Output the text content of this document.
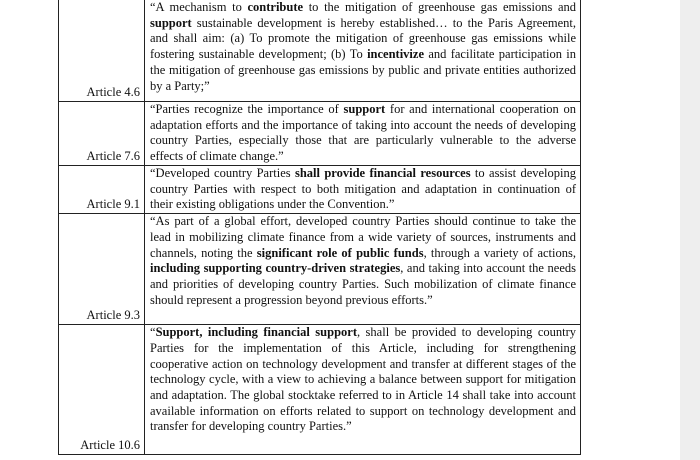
Article 4.6	“A mechanism to contribute to the mitigation of greenhouse gas emissions and support sustainable development is hereby established… to the Paris Agreement, and shall aim: (a) To promote the mitigation of greenhouse gas emissions while fostering sustainable development; (b) To incentivize and facilitate participation in the mitigation of greenhouse gas emissions by public and private entities authorized by a Party;”
Article 7.6	“Parties recognize the importance of support for and international cooperation on adaptation efforts and the importance of taking into account the needs of developing country Parties, especially those that are particularly vulnerable to the adverse effects of climate change.”
Article 9.1	“Developed country Parties shall provide financial resources to assist developing country Parties with respect to both mitigation and adaptation in continuation of their existing obligations under the Convention.”
Article 9.3	“As part of a global effort, developed country Parties should continue to take the lead in mobilizing climate finance from a wide variety of sources, instruments and channels, noting the significant role of public funds, through a variety of actions, including supporting country-driven strategies, and taking into account the needs and priorities of developing country Parties. Such mobilization of climate finance should represent a progression beyond previous efforts.”
Article 10.6	“Support, including financial support, shall be provided to developing country Parties for the implementation of this Article, including for strengthening cooperative action on technology development and transfer at different stages of the technology cycle, with a view to achieving a balance between support for mitigation and adaptation. The global stocktake referred to in Article 14 shall take into account available information on efforts related to support on technology development and transfer for developing country Parties.”
